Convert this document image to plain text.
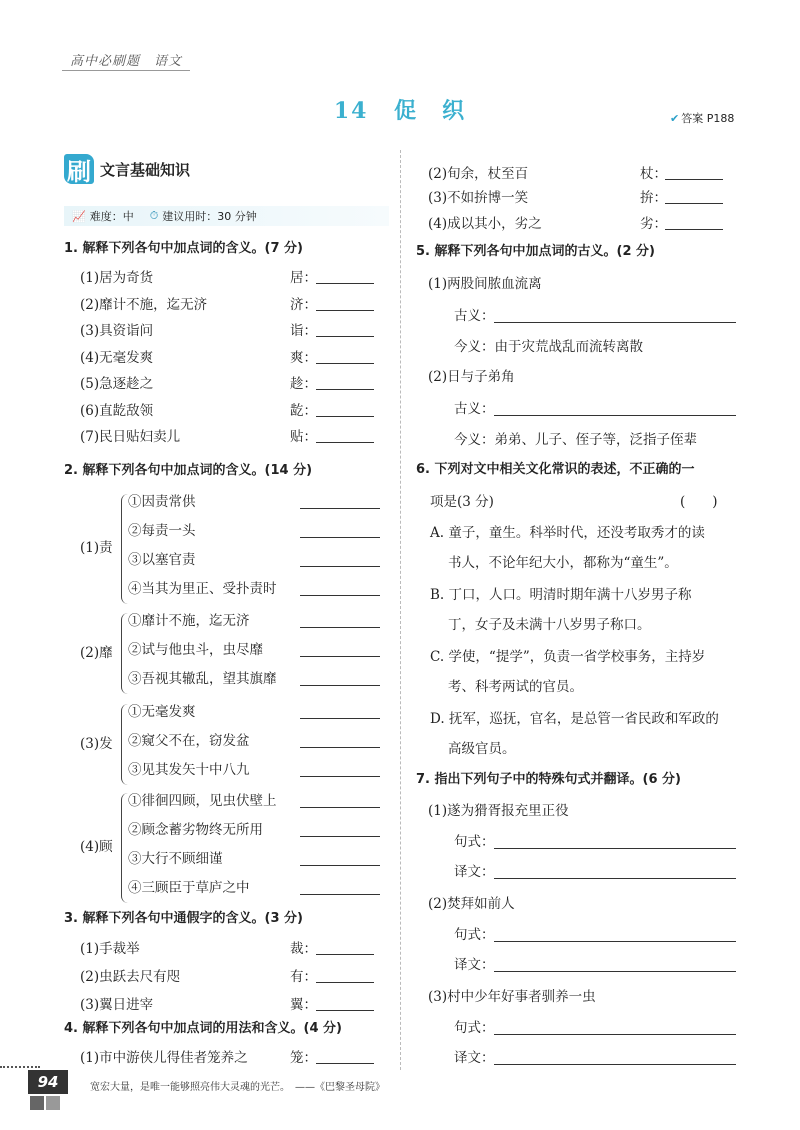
高中必刷题　语文
14 促　织	✔ 答案 P188
刷 文言基础知识
📈 难度： 中 ⏱ 建议用时： 30 分钟
1. 解释下列各句中加点词的含义。(7 分)
2. 解释下列各句中加点词的含义。(14 分)
3. 解释下列各句中通假字的含义。(3 分)
4. 解释下列各句中加点词的用法和含义。(4 分)
5. 解释下列各句中加点词的古义。(2 分)
6. 下列对文中相关文化常识的表述，不正确的一
项是(3 分)	(　　)
7. 指出下列句子中的特殊句式并翻译。(6 分)
94	宽宏大量，是唯一能够照亮伟大灵魂的光芒。　——《巴黎圣母院》
(1)居为奇货	居：
(2)靡计不施，迄无济	济：
(3)具资诣问	诣：
(4)无毫发爽	爽：
(5)急逐趁之	趁：
(6)直龁敌领	龁：
(7)民日贴妇卖儿	贴：
(1)责
①因责常供
②每责一头
③以塞官责
④当其为里正、受扑责时
(2)靡
①靡计不施，迄无济
②试与他虫斗，虫尽靡
③吾视其辙乱，望其旗靡
(3)发
①无毫发爽
②窥父不在，窃发盆
③见其发矢十中八九
(4)顾
①徘徊四顾，见虫伏壁上
②顾念蓄劣物终无所用
③大行不顾细谨
④三顾臣于草庐之中
(1)手裁举	裁：
(2)虫跃去尺有咫	有：
(3)翼日进宰	翼：
(1)市中游侠儿得佳者笼养之	笼：
(2)旬余，杖至百	杖：
(3)不如拚博一笑	拚：
(4)成以其小，劣之	劣：
(1)两股间脓血流离
古义：
今义：由于灾荒战乱而流转离散
(2)日与子弟角
古义：
今义：弟弟、儿子、侄子等，泛指子侄辈
A. 童子，童生。科举时代，还没考取秀才的读
书人，不论年纪大小，都称为“童生”。
B. 丁口，人口。明清时期年满十八岁男子称
丁，女子及未满十八岁男子称口。
C. 学使，“提学”，负责一省学校事务，主持岁
考、科考两试的官员。
D. 抚军，巡抚，官名，是总管一省民政和军政的
高级官员。
(1)遂为猾胥报充里正役
句式：
译文：
(2)焚拜如前人
句式：
译文：
(3)村中少年好事者驯养一虫
句式：
译文：
